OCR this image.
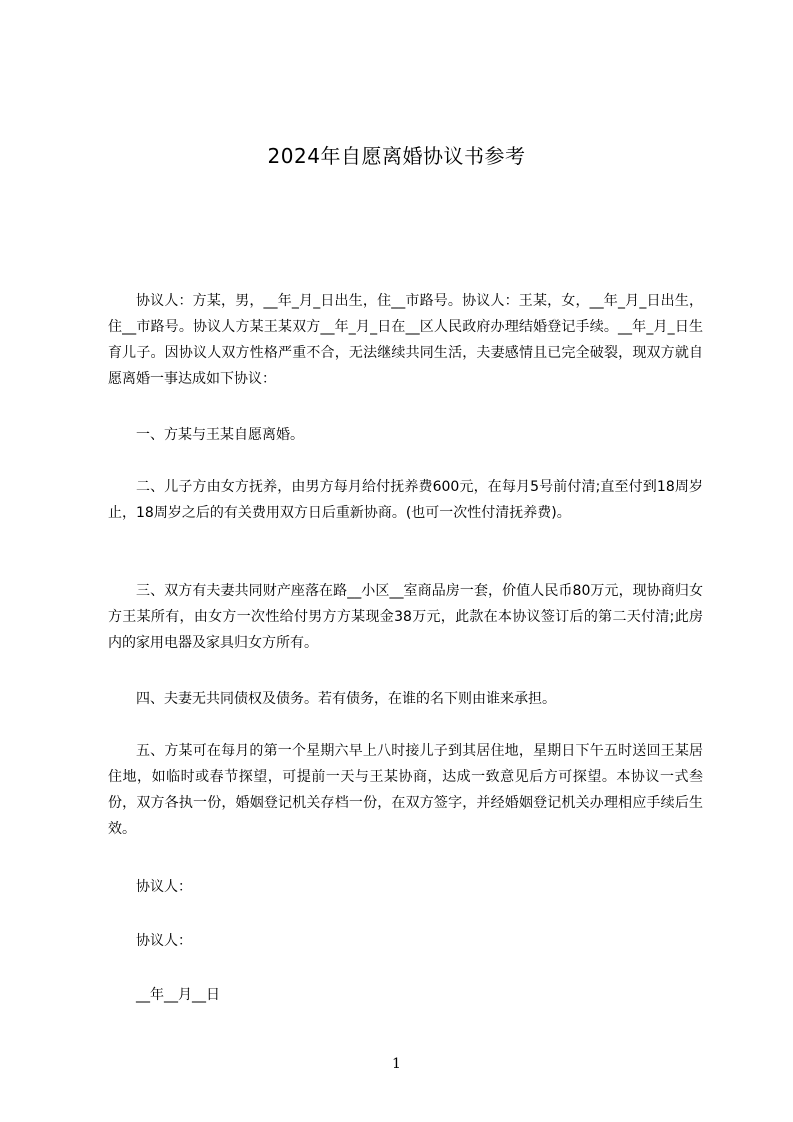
2024年自愿离婚协议书参考

协议人：方某，男，__年_月_日出生，住__市路号。协议人：王某，女，__年_月_日出生，住__市路号。协议人方某王某双方__年_月_日在__区人民政府办理结婚登记手续。__年_月_日生育儿子。因协议人双方性格严重不合，无法继续共同生活，夫妻感情且已完全破裂，现双方就自愿离婚一事达成如下协议：

一、方某与王某自愿离婚。

二、儿子方由女方抚养，由男方每月给付抚养费600元，在每月5号前付清;直至付到18周岁止，18周岁之后的有关费用双方日后重新协商。(也可一次性付清抚养费)。

三、双方有夫妻共同财产座落在路__小区__室商品房一套，价值人民币80万元，现协商归女方王某所有，由女方一次性给付男方方某现金38万元，此款在本协议签订后的第二天付清;此房内的家用电器及家具归女方所有。

四、夫妻无共同债权及债务。若有债务，在谁的名下则由谁来承担。

五、方某可在每月的第一个星期六早上八时接儿子到其居住地，星期日下午五时送回王某居住地，如临时或春节探望，可提前一天与王某协商，达成一致意见后方可探望。本协议一式叁份，双方各执一份，婚姻登记机关存档一份，在双方签字，并经婚姻登记机关办理相应手续后生效。

协议人：

协议人：

__年__月__日

1
